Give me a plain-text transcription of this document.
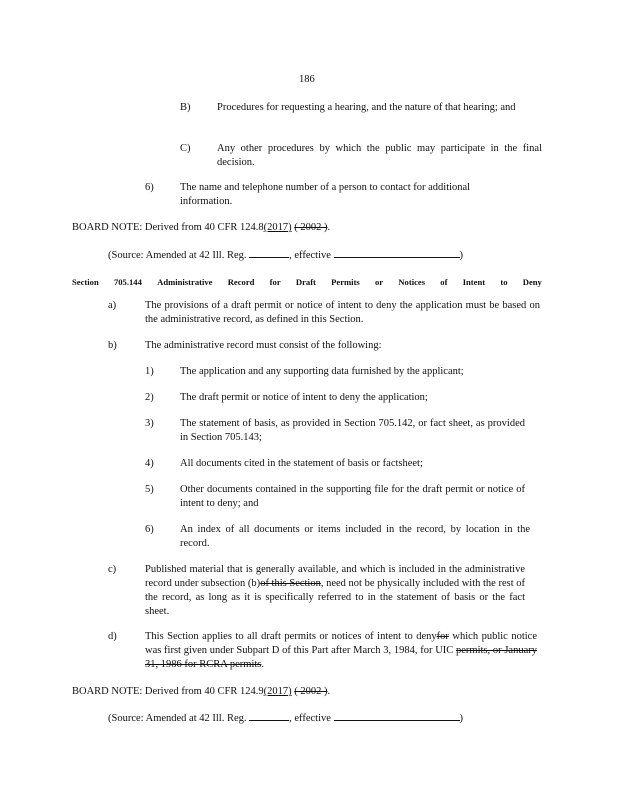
186
B)	Procedures for requesting a hearing, and the nature of that hearing; and
C)	Any other procedures by which the public may participate in the final decision.
6)	The name and telephone number of a person to contact for additional information.
BOARD NOTE: Derived from 40 CFR 124.8(2017) ( 2002 ).
(Source: Amended at 42 Ill. Reg.	, effective	)
Section 705.144 Administrative Record for Draft Permits or Notices of Intent to Deny
a)	The provisions of a draft permit or notice of intent to deny the application must be based on the administrative record, as defined in this Section.
b)	The administrative record must consist of the following:
1)	The application and any supporting data furnished by the applicant;
2)	The draft permit or notice of intent to deny the application;
3)	The statement of basis, as provided in Section 705.142, or fact sheet, as provided in Section 705.143;
4)	All documents cited in the statement of basis or factsheet;
5)	Other documents contained in the supporting file for the draft permit or notice of intent to deny; and
6)	An index of all documents or items included in the record, by location in the record.
c)	Published material that is generally available, and which is included in the administrative record under subsection (b)of this Section, need not be physically included with the rest of the record, as long as it is specifically referred to in the statement of basis or the fact sheet.
d)	This Section applies to all draft permits or notices of intent to denyfor which public notice was first given under Subpart D of this Part after March 3, 1984, for UIC permits, or January 31, 1986 for RCRA permits.
BOARD NOTE: Derived from 40 CFR 124.9(2017) ( 2002 ).
(Source: Amended at 42 Ill. Reg.	, effective	)
